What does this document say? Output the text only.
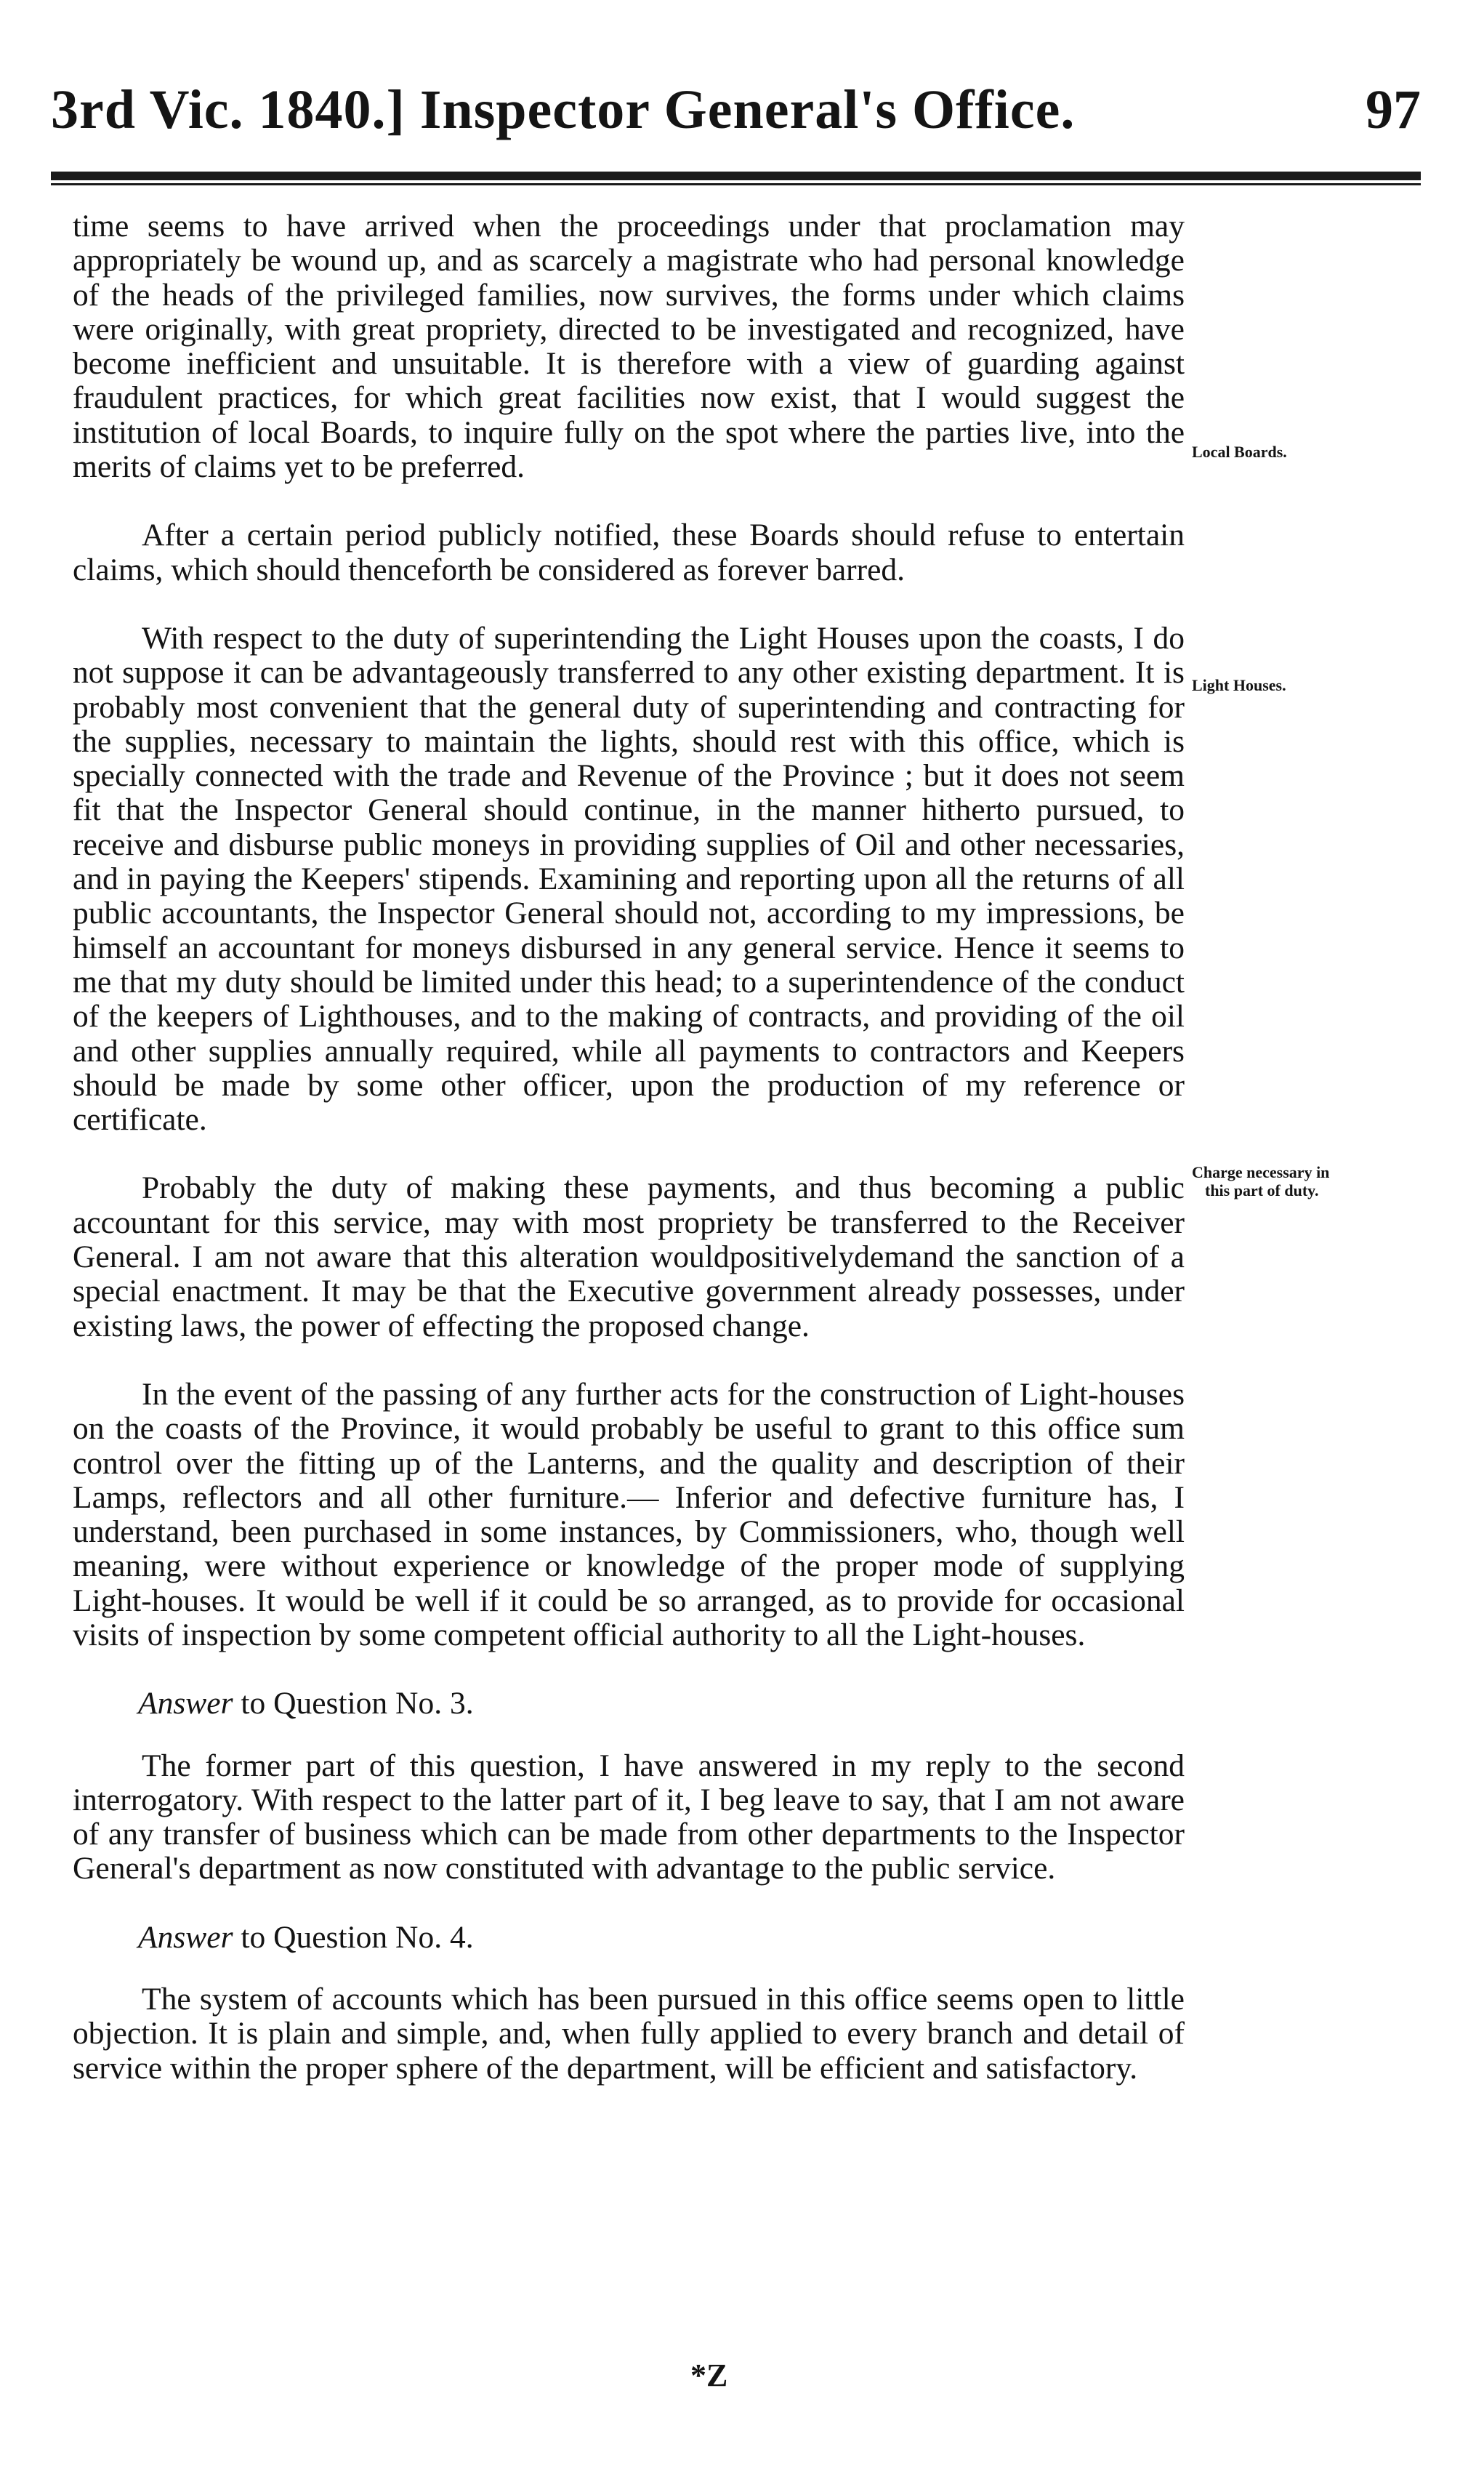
3rd Vic. 1840.] Inspector General's Office.	97

time seems to have arrived when the proceedings under that proclamation may appropriately be wound up, and as scarcely a magistrate who had personal knowledge of the heads of the privileged families, now survives, the forms under which claims were originally, with great propriety, directed to be investigated and recognized, have become inefficient and unsuitable. It is therefore with a view of guarding against fraudulent practices, for which great facilities now exist, that I would suggest the institution of local Boards, to inquire fully on the spot where the parties live, into the merits of claims yet to be preferred.

After a certain period publicly notified, these Boards should refuse to entertain claims, which should thenceforth be considered as forever barred.

With respect to the duty of superintending the Light Houses upon the coasts, I do not suppose it can be advantageously transferred to any other existing department. It is probably most convenient that the general duty of superintending and contracting for the supplies, necessary to maintain the lights, should rest with this office, which is specially connected with the trade and Revenue of the Province ; but it does not seem fit that the Inspector General should continue, in the manner hitherto pursued, to receive and disburse public moneys in providing supplies of Oil and other necessaries, and in paying the Keepers' stipends. Examining and reporting upon all the returns of all public accountants, the Inspector General should not, according to my impressions, be himself an accountant for moneys disbursed in any general service. Hence it seems to me that my duty should be limited under this head; to a superintendence of the conduct of the keepers of Lighthouses, and to the making of contracts, and providing of the oil and other supplies annually required, while all payments to contractors and Keepers should be made by some other officer, upon the production of my reference or certificate.

Probably the duty of making these payments, and thus becoming a public accountant for this service, may with most propriety be transferred to the Receiver General. I am not aware that this alteration wouldpositivelydemand the sanction of a special enactment. It may be that the Executive government already possesses, under existing laws, the power of effecting the proposed change.

In the event of the passing of any further acts for the construction of Light-houses on the coasts of the Province, it would probably be useful to grant to this office sum control over the fitting up of the Lanterns, and the quality and description of their Lamps, reflectors and all other furniture.— Inferior and defective furniture has, I understand, been purchased in some instances, by Commissioners, who, though well meaning, were without experience or knowledge of the proper mode of supplying Light-houses. It would be well if it could be so arranged, as to provide for occasional visits of inspection by some competent official authority to all the Light-houses.

Answer to Question No. 3.

The former part of this question, I have answered in my reply to the second interrogatory. With respect to the latter part of it, I beg leave to say, that I am not aware of any transfer of business which can be made from other departments to the Inspector General's department as now constituted with advantage to the public service.

Answer to Question No. 4.

The system of accounts which has been pursued in this office seems open to little objection. It is plain and simple, and, when fully applied to every branch and detail of service within the proper sphere of the department, will be efficient and satisfactory.

Local Boards.
Light Houses.
Charge necessary in
this part of duty.
*Z
